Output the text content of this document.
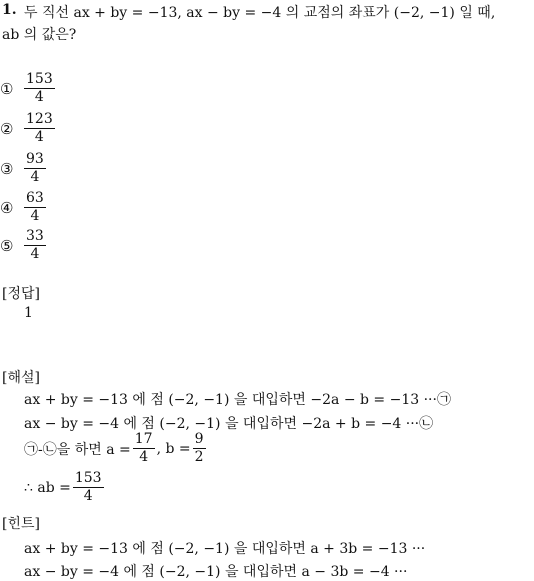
1. 두 직선 ax + by = −13, ax − by = −4 의 교점의 좌표가 (−2, −1) 일 때,
ab 의 값은?
① $\frac{153}{4}$
② $\frac{123}{4}$
③ $\frac{93}{4}$
④ $\frac{63}{4}$
⑤ $\frac{33}{4}$
[정답]
1
[해설]
ax + by = −13 에 점 (−2, −1) 을 대입하면 −2a − b = −13 ···㉠
ax − by = −4 에 점 (−2, −1) 을 대입하면 −2a + b = −4 ···㉡
㉠-㉡을 하면 $a = \frac{17}{4}$ , $b = \frac{9}{2}$
∴ ab = $\frac{153}{4}$
[힌트]
ax + by = −13 에 점 (−2, −1) 을 대입하면 a + 3b = −13 ···
ax − by = −4 에 점 (−2, −1) 을 대입하면 a − 3b = −4 ···
